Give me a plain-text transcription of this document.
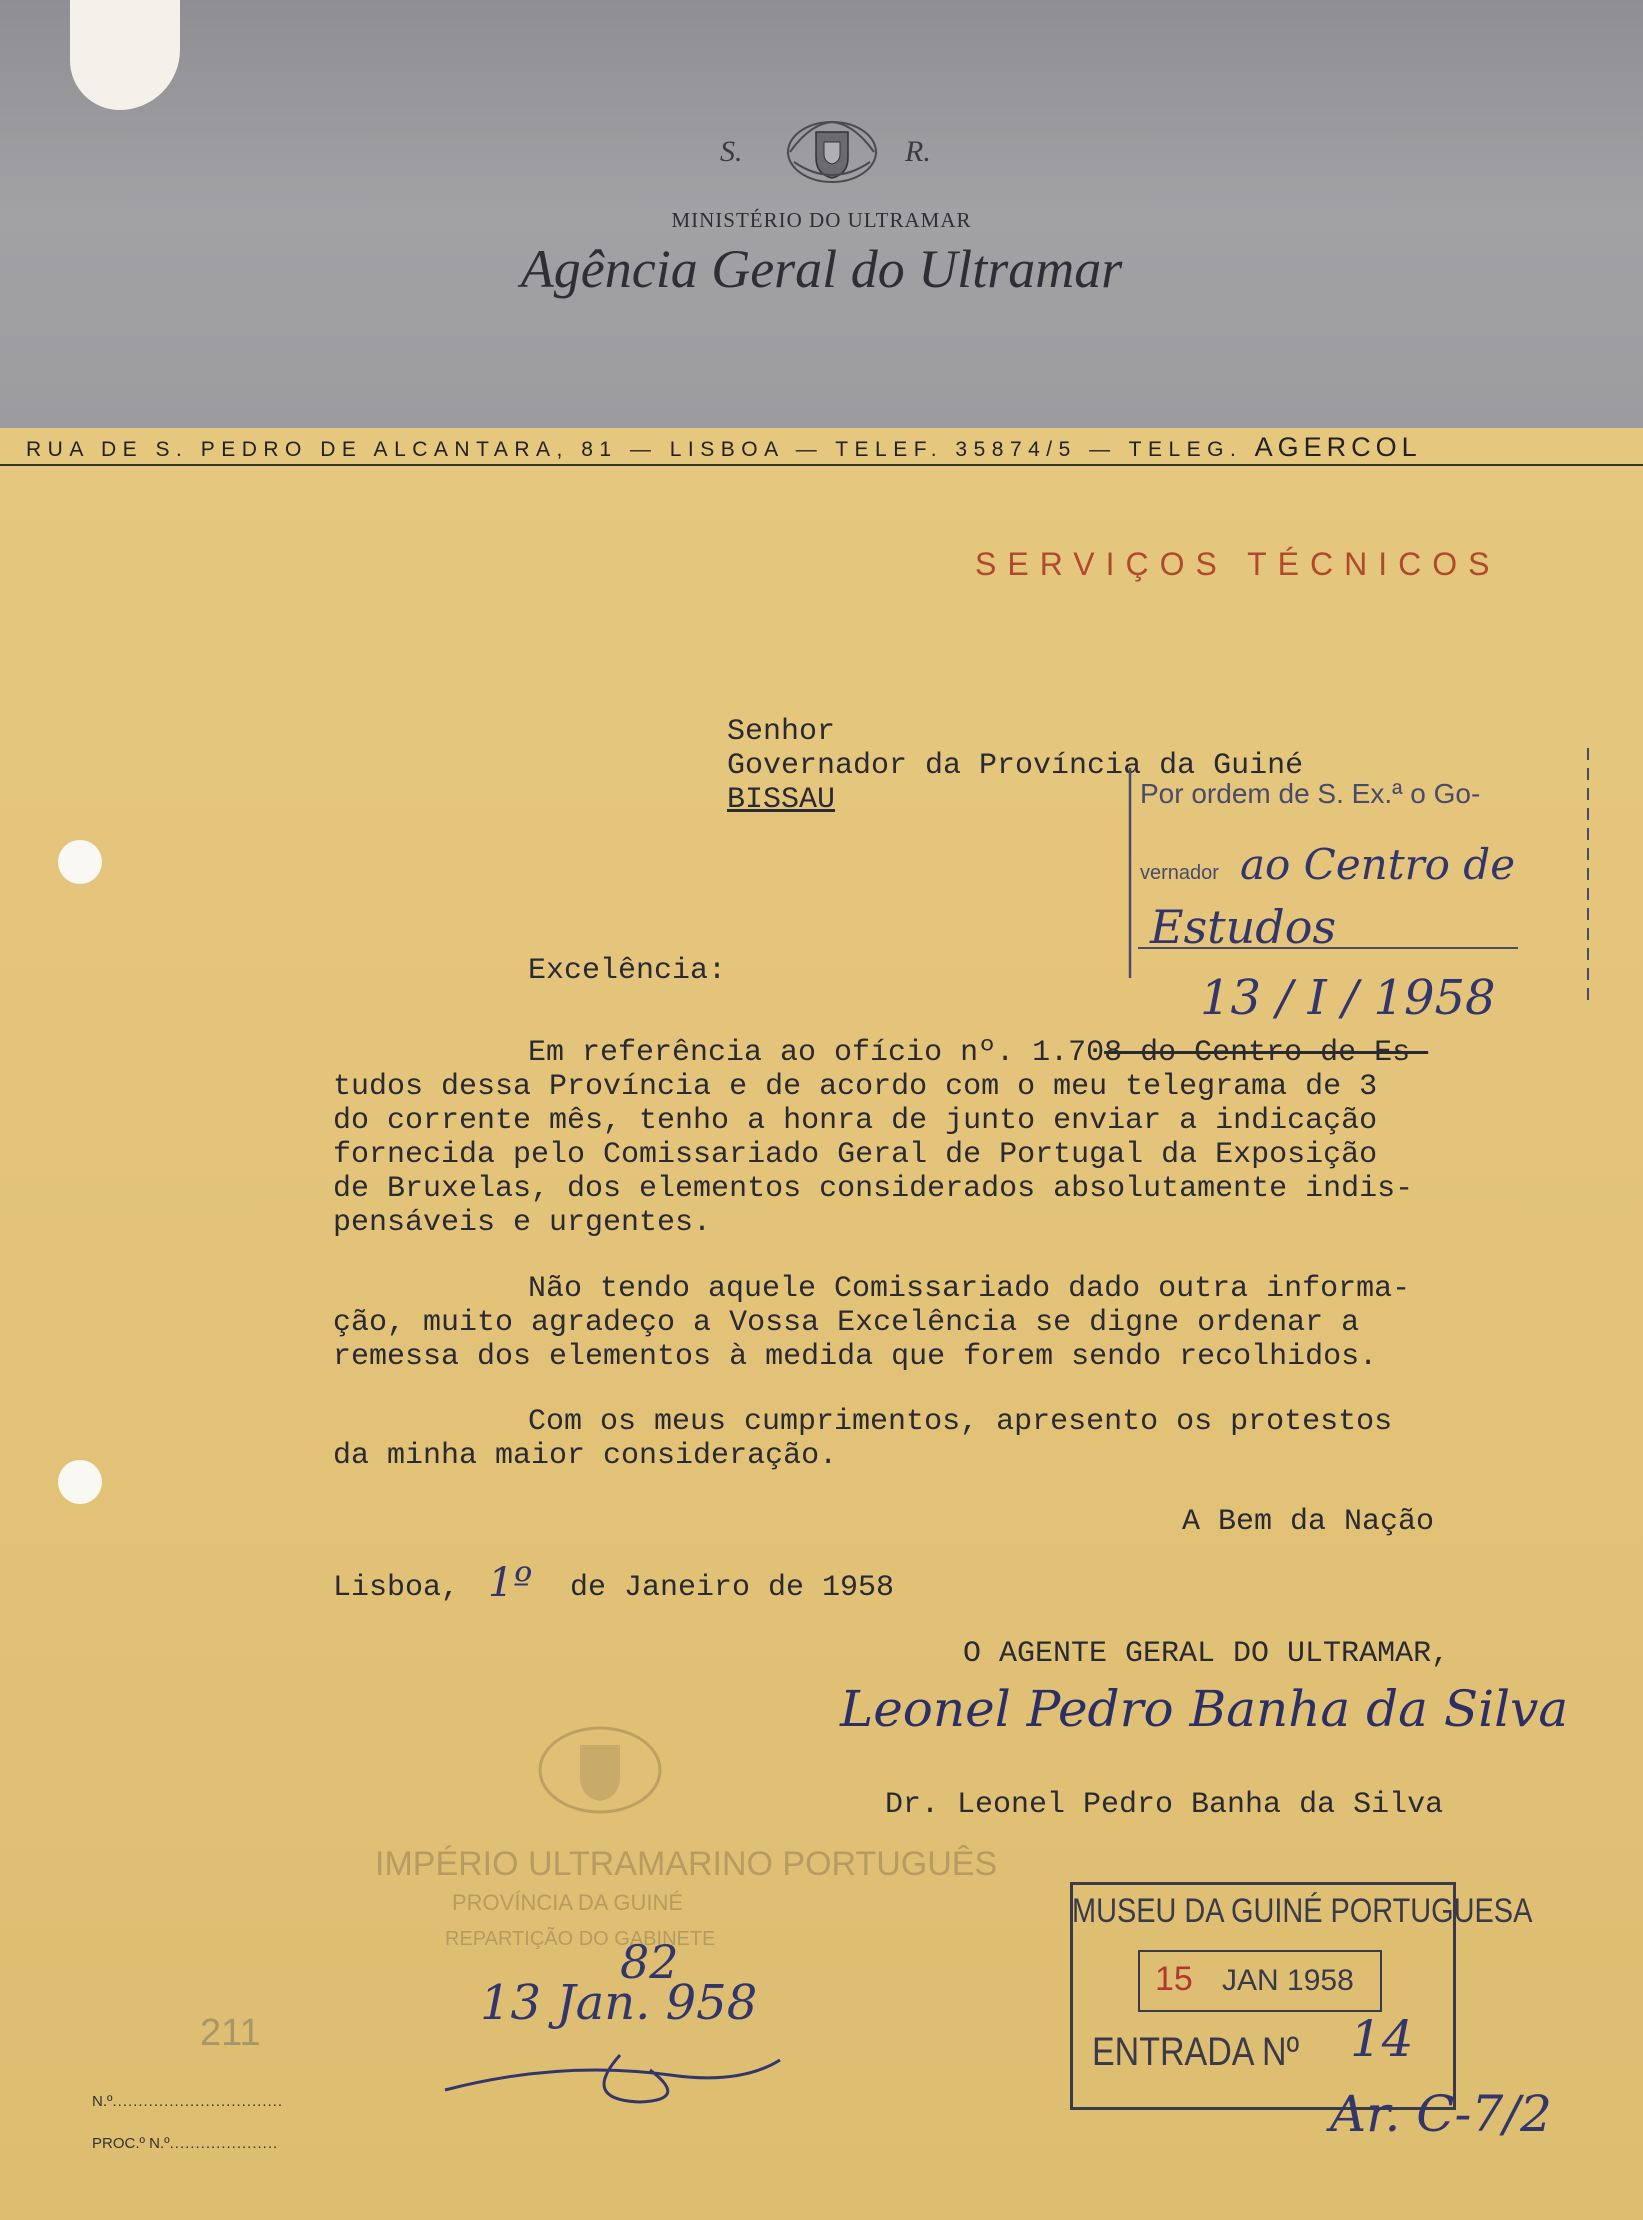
S.	R.
MINISTÉRIO DO ULTRAMAR
Agência Geral do Ultramar
RUA DE S. PEDRO DE ALCANTARA, 81 — LISBOA — TELEF. 35874/5 — TELEG. AGERCOL
SERVIÇOS TÉCNICOS
Senhor
Governador da Província da Guiné
BISSAU	Por ordem de S. Ex.ª o Go-
vernador ao Centro de
Estudos
13 / I / 1958
Excelência:
Em referência ao ofício nº. 1.708 do Centro de Es-
tudos dessa Província e de acordo com o meu telegrama de 3
do corrente mês, tenho a honra de junto enviar a indicação
fornecida pelo Comissariado Geral de Portugal da Exposição
de Bruxelas, dos elementos considerados absolutamente indis-
pensáveis e urgentes.
Não tendo aquele Comissariado dado outra informa-
ção, muito agradeço a Vossa Excelência se digne ordenar a
remessa dos elementos à medida que forem sendo recolhidos.
Com os meus cumprimentos, apresento os protestos
da minha maior consideração.
A Bem da Nação
Lisboa, 1º de Janeiro de 1958
O AGENTE GERAL DO ULTRAMAR,
Leonel Pedro Banha da Silva
Dr. Leonel Pedro Banha da Silva
IMPÉRIO ULTRAMARINO PORTUGUÊS
PROVÍNCIA DA GUINÉ
REPARTIÇÃO DO GABINETE
82
13 Jan. 958
211
MUSEU DA GUINÉ PORTUGUESA
15 JAN 1958
ENTRADA Nº 14
Ar. C-7/2
N.º.................................
PROC.º N.º.....................
